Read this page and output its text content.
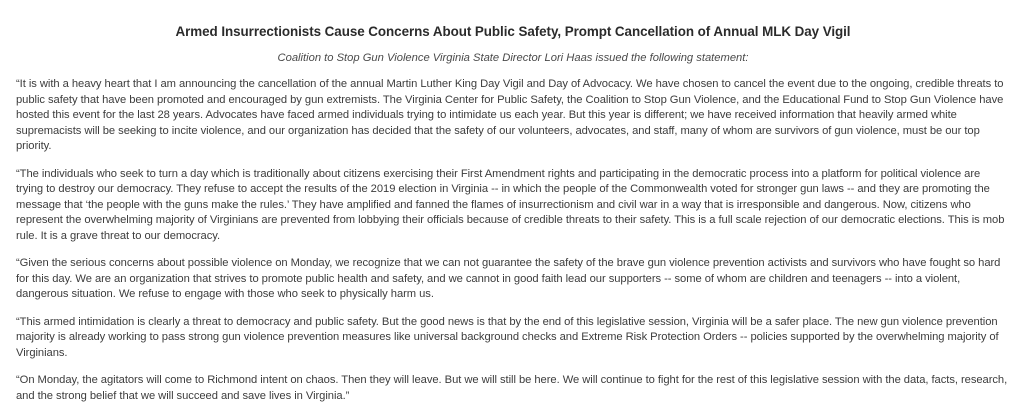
Armed Insurrectionists Cause Concerns About Public Safety, Prompt Cancellation of Annual MLK Day Vigil

Coalition to Stop Gun Violence Virginia State Director Lori Haas issued the following statement:

“It is with a heavy heart that I am announcing the cancellation of the annual Martin Luther King Day Vigil and Day of Advocacy. We have chosen to cancel the event due to the ongoing, credible threats to public safety that have been promoted and encouraged by gun extremists. The Virginia Center for Public Safety, the Coalition to Stop Gun Violence, and the Educational Fund to Stop Gun Violence have hosted this event for the last 28 years. Advocates have faced armed individuals trying to intimidate us each year. But this year is different; we have received information that heavily armed white supremacists will be seeking to incite violence, and our organization has decided that the safety of our volunteers, advocates, and staff, many of whom are survivors of gun violence, must be our top priority.

“The individuals who seek to turn a day which is traditionally about citizens exercising their First Amendment rights and participating in the democratic process into a platform for political violence are trying to destroy our democracy. They refuse to accept the results of the 2019 election in Virginia -- in which the people of the Commonwealth voted for stronger gun laws -- and they are promoting the message that ‘the people with the guns make the rules.’ They have amplified and fanned the flames of insurrectionism and civil war in a way that is irresponsible and dangerous. Now, citizens who represent the overwhelming majority of Virginians are prevented from lobbying their officials because of credible threats to their safety. This is a full scale rejection of our democratic elections. This is mob rule. It is a grave threat to our democracy.

“Given the serious concerns about possible violence on Monday, we recognize that we can not guarantee the safety of the brave gun violence prevention activists and survivors who have fought so hard for this day. We are an organization that strives to promote public health and safety, and we cannot in good faith lead our supporters -- some of whom are children and teenagers -- into a violent, dangerous situation. We refuse to engage with those who seek to physically harm us.

“This armed intimidation is clearly a threat to democracy and public safety. But the good news is that by the end of this legislative session, Virginia will be a safer place. The new gun violence prevention majority is already working to pass strong gun violence prevention measures like universal background checks and Extreme Risk Protection Orders -- policies supported by the overwhelming majority of Virginians.

“On Monday, the agitators will come to Richmond intent on chaos. Then they will leave. But we will still be here. We will continue to fight for the rest of this legislative session with the data, facts, research, and the strong belief that we will succeed and save lives in Virginia.”
